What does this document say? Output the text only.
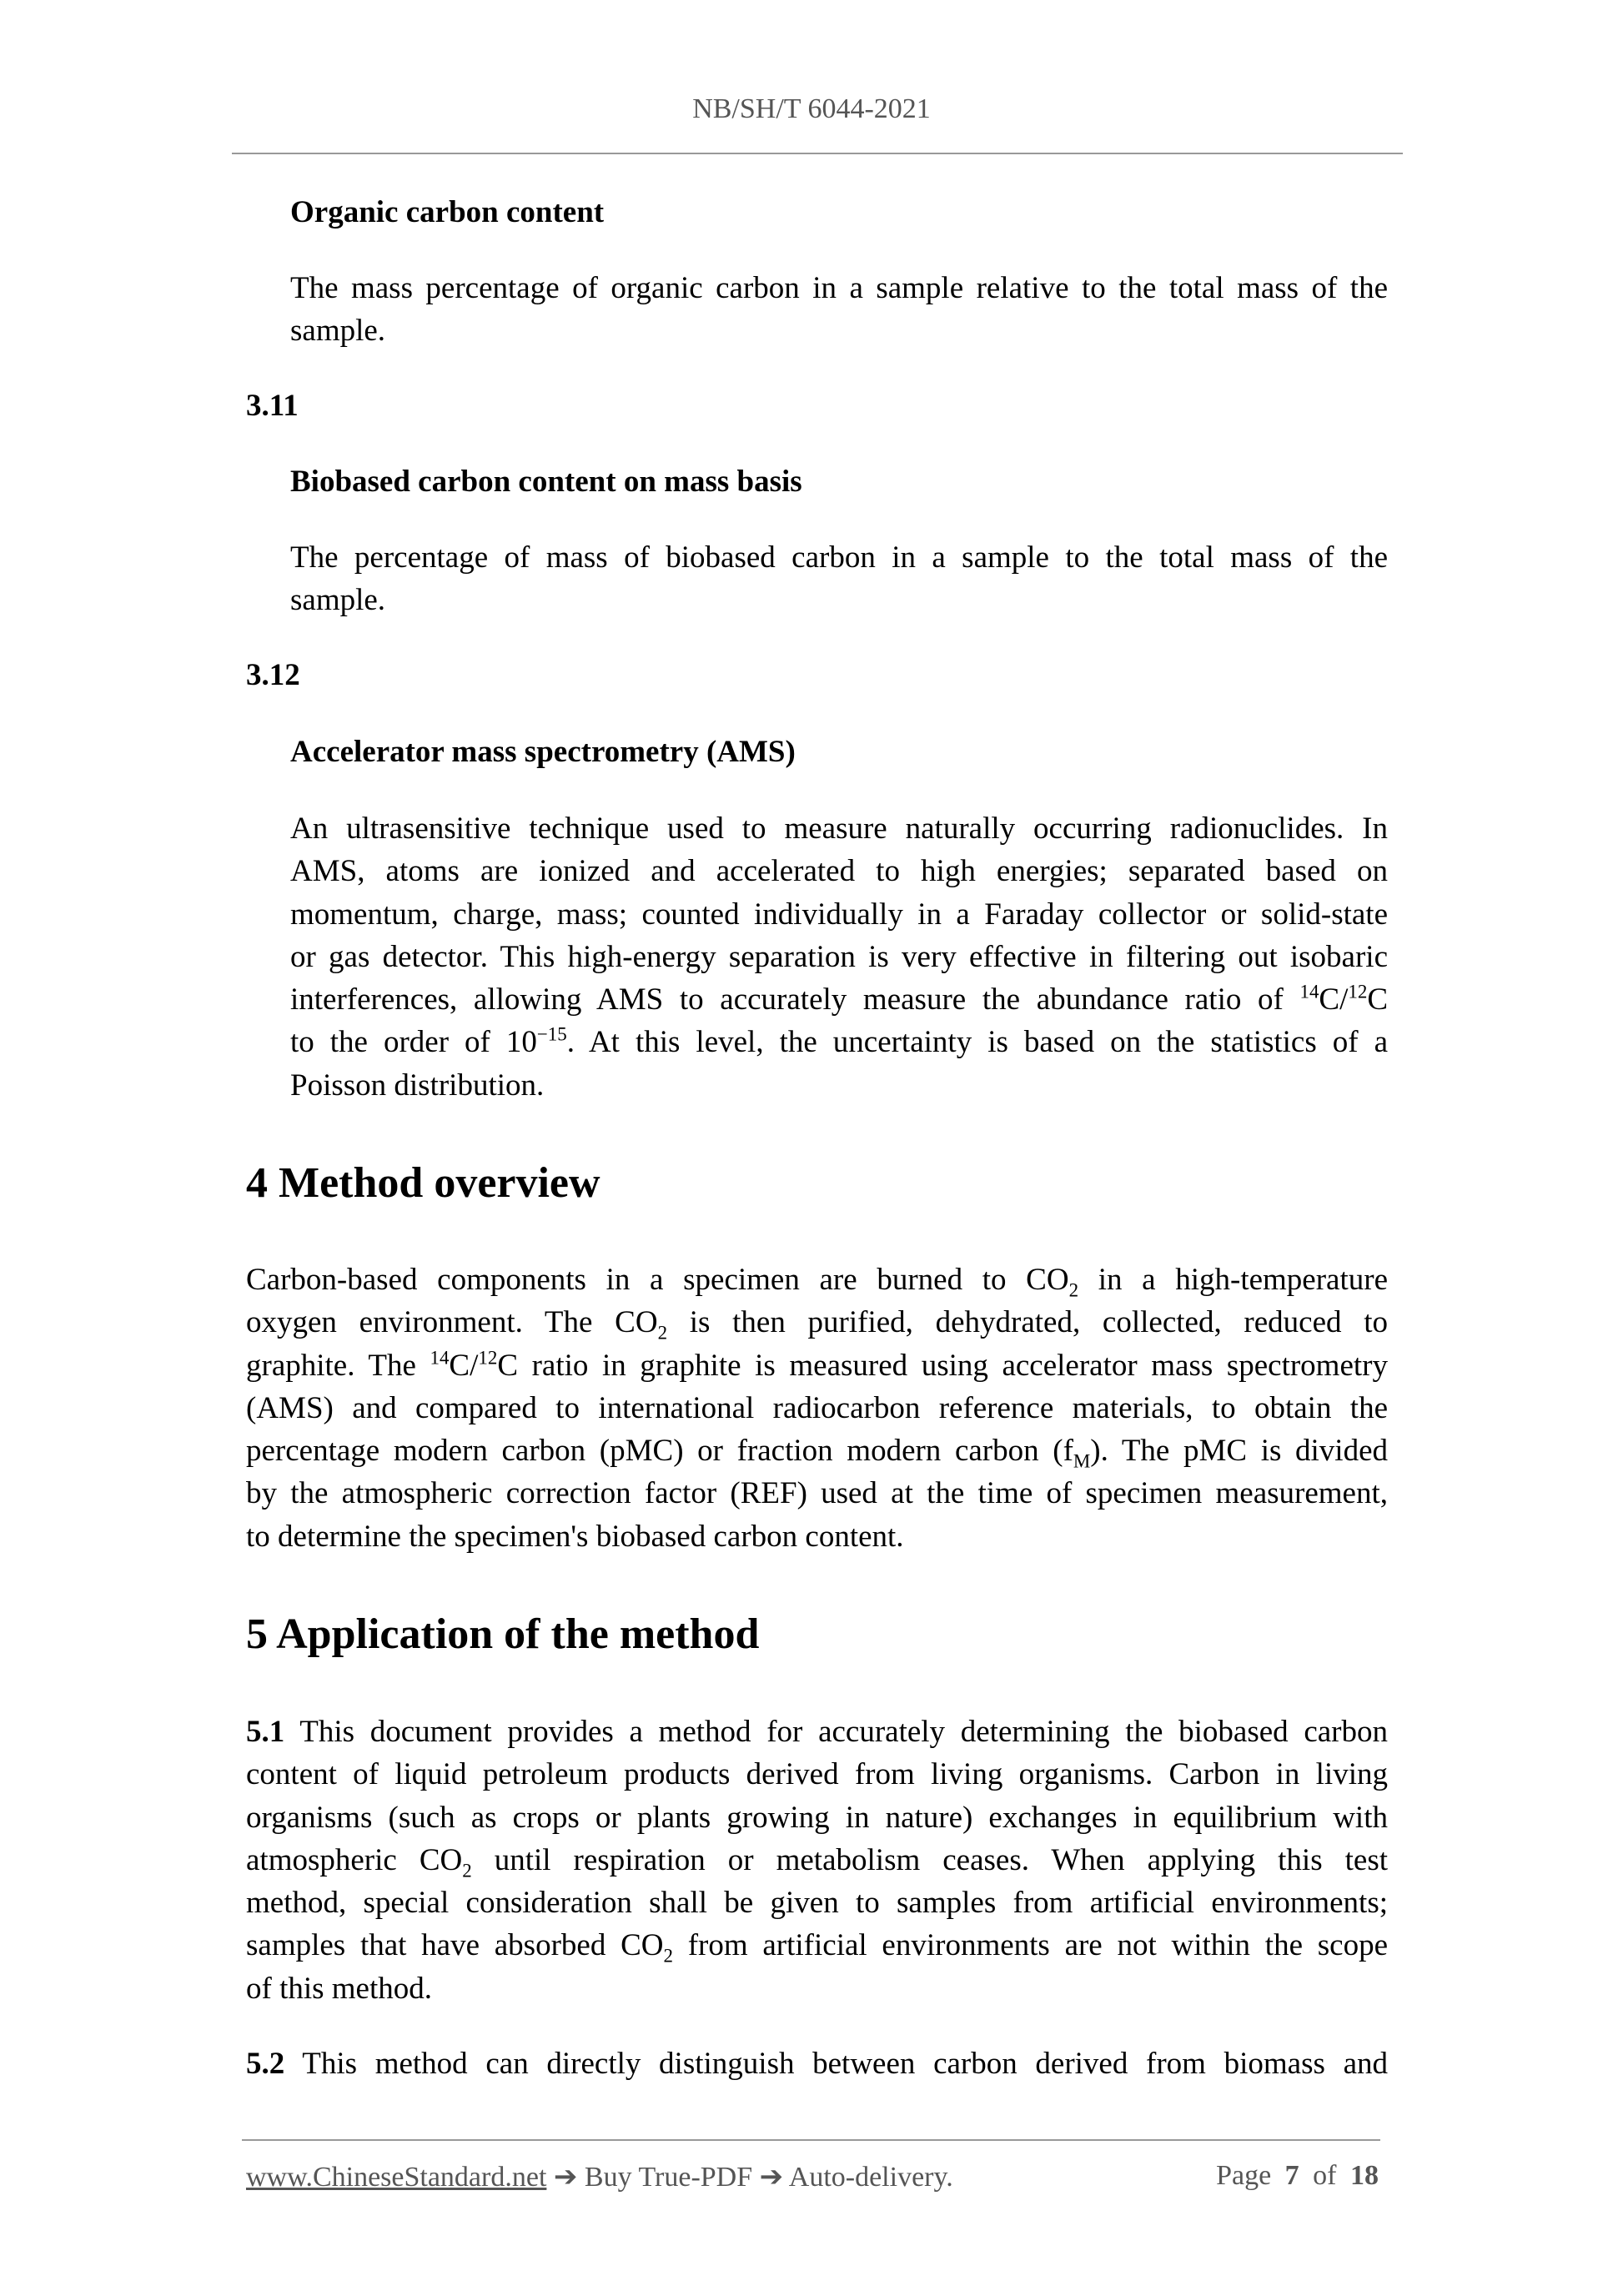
NB/SH/T 6044-2021
Organic carbon content
The mass percentage of organic carbon in a sample relative to the total mass of the
sample.
3.11
Biobased carbon content on mass basis
The percentage of mass of biobased carbon in a sample to the total mass of the
sample.
3.12
Accelerator mass spectrometry (AMS)
An ultrasensitive technique used to measure naturally occurring radionuclides. In
AMS, atoms are ionized and accelerated to high energies; separated based on
momentum, charge, mass; counted individually in a Faraday collector or solid-state
or gas detector. This high-energy separation is very effective in filtering out isobaric
interferences, allowing AMS to accurately measure the abundance ratio of $^{14}$C/$^{12}$C
to the order of $10^{-15}$. At this level, the uncertainty is based on the statistics of a
Poisson distribution.
Carbon-based components in a specimen are burned to $CO_2$ in a high-temperature
oxygen environment. The $CO_2$ is then purified, dehydrated, collected, reduced to
graphite. The $^{14}$C/$^{12}$C ratio in graphite is measured using accelerator mass spectrometry
(AMS) and compared to international radiocarbon reference materials, to obtain the
percentage modern carbon (pMC) or fraction modern carbon $(f_M)$. The pMC is divided
by the atmospheric correction factor (REF) used at the time of specimen measurement,
to determine the specimen's biobased carbon content.
5.1 This document provides a method for accurately determining the biobased carbon
content of liquid petroleum products derived from living organisms. Carbon in living
organisms (such as crops or plants growing in nature) exchanges in equilibrium with
atmospheric $CO_2$ until respiration or metabolism ceases. When applying this test
method, special consideration shall be given to samples from artificial environments;
samples that have absorbed $CO_2$ from artificial environments are not within the scope
of this method.
5.2 This method can directly distinguish between carbon derived from biomass and
4 Method overview
5 Application of the method
www.ChineseStandard.net ➔ Buy True-PDF ➔ Auto-delivery.	Page 7 of 18
